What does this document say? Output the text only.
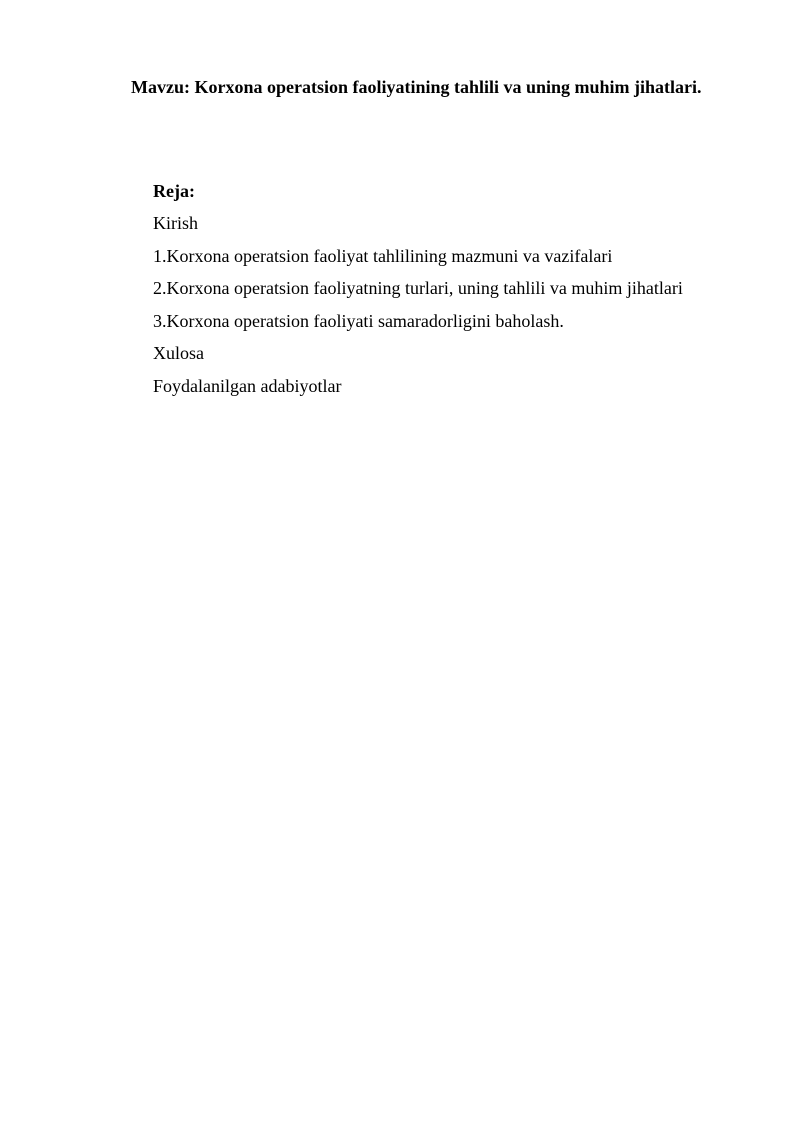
Mavzu: Korxona operatsion faoliyatining tahlili va uning muhim jihatlari.
Reja:
Kirish
1.Korxona operatsion faoliyat tahlilining mazmuni va vazifalari
2.Korxona operatsion faoliyatning turlari, uning tahlili va muhim jihatlari
3.Korxona operatsion faoliyati samaradorligini baholash.
Xulosa
Foydalanilgan adabiyotlar
